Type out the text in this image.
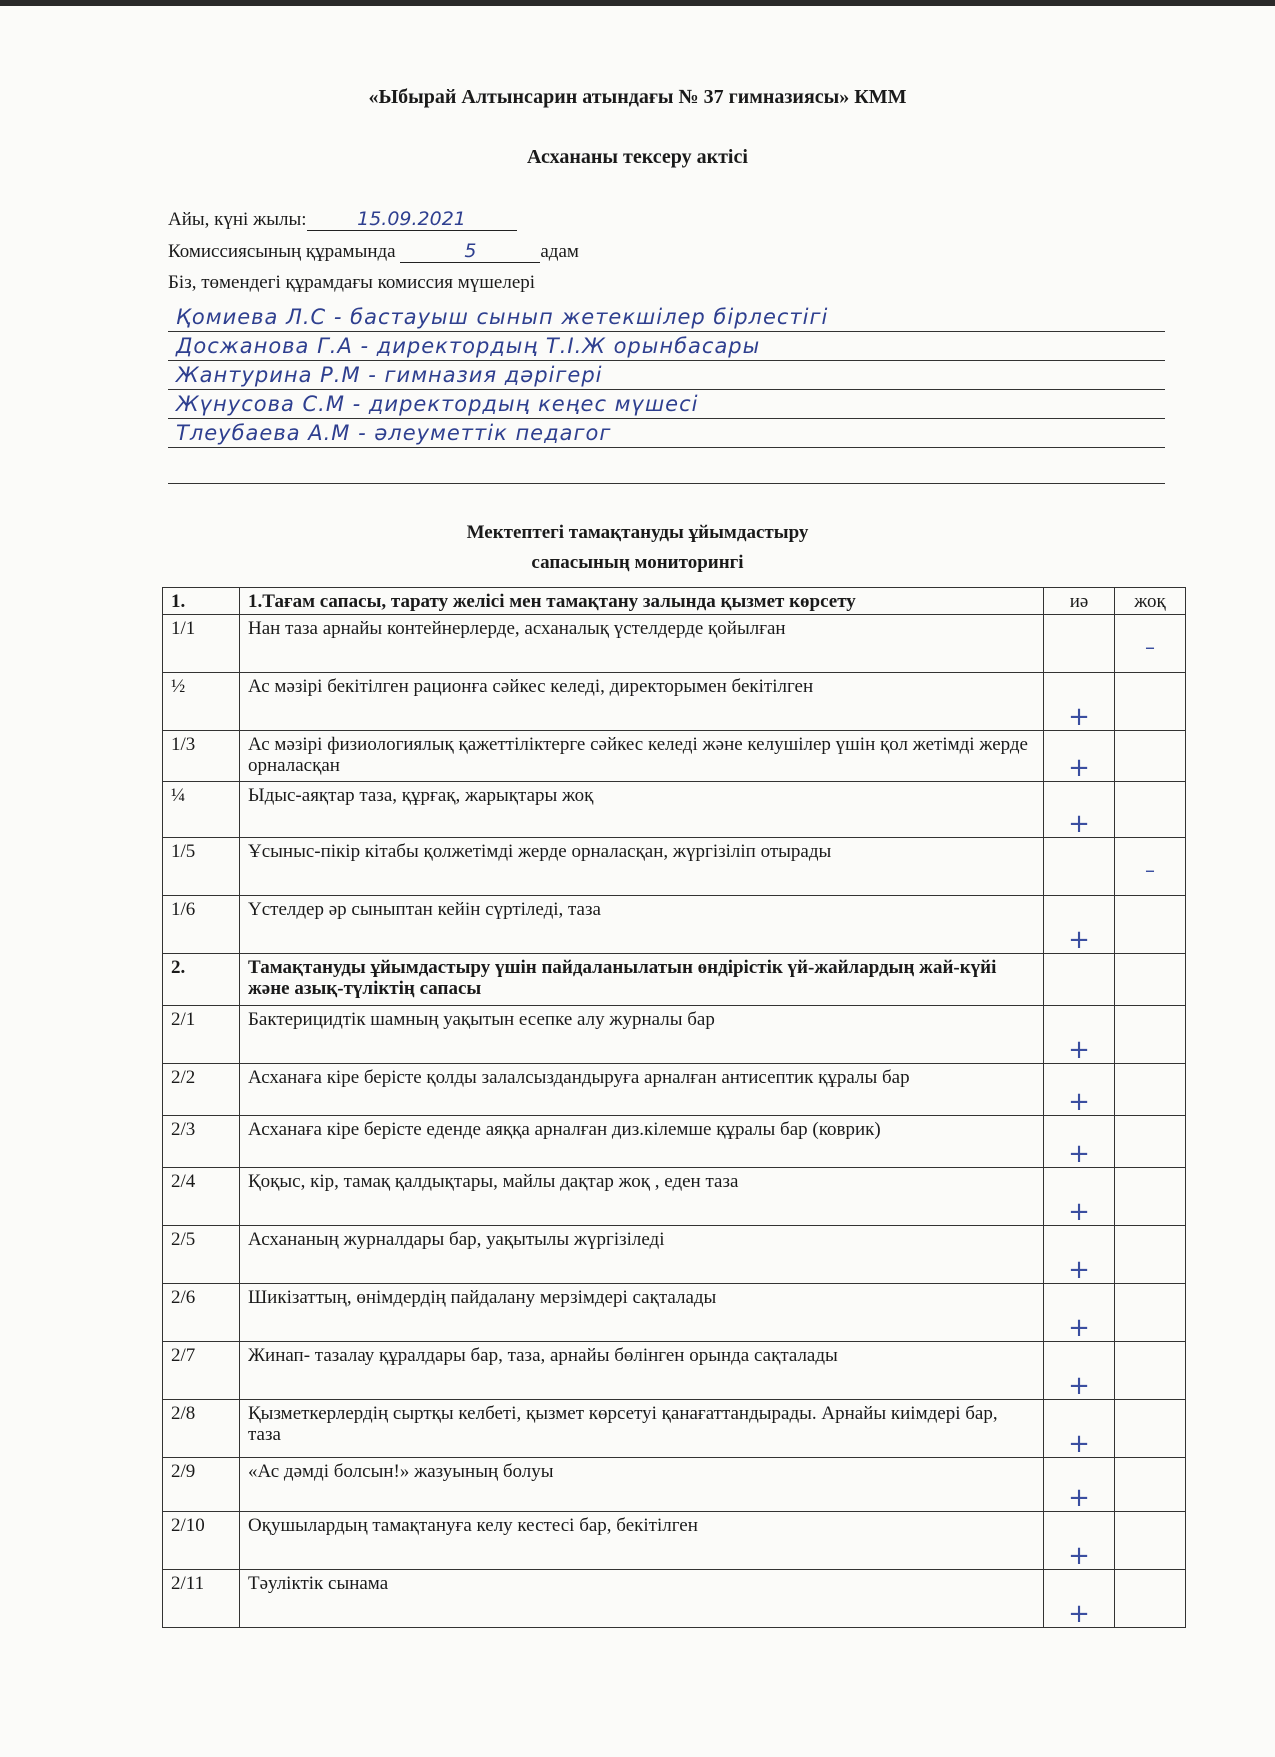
«Ыбырай Алтынсарин атындағы № 37 гимназиясы» КММ
Асхананы тексеру актісі
Айы, күні жылы:	15.09.2021
Комиссиясының құрамында	5	адам
Біз, төмендегі құрамдағы комиссия мүшелері
Қомиева Л.С - бастауыш сынып жетекшілер бірлестігі
Досжанова Г.А - директордың Т.І.Ж орынбасары
Жантурина Р.М - гимназия дәрігері
Жүнусова С.М - директордың кеңес мүшесі
Тлеубаева А.М - әлеуметтік педагог
Мектептегі тамақтануды ұйымдастыру
сапасының мониторингі
1.	1.Тағам сапасы, тарату желісі мен тамақтану залында қызмет көрсету	иә	жоқ
1/1	Нан таза арнайы контейнерлерде, асханалық үстелдерде қойылған		–

½	Ас мәзірі бекітілген рационға сәйкес келеді, директорымен бекітілген	+	

1/3	Ас мәзірі физиологиялық қажеттіліктерге сәйкес келеді және келушілер үшін қол жетімді жерде орналасқан	+	

¼	Ыдыс-аяқтар таза, құрғақ, жарықтары жоқ	+	

1/5	Ұсыныс-пікір кітабы қолжетімді жерде орналасқан, жүргізіліп отырады		–

1/6	Үстелдер әр сыныптан кейін сүртіледі, таза	+	

2.	Тамақтануды ұйымдастыру үшін пайдаланылатын өндірістік үй-жайлардың жай-күйі және азық-түліктің сапасы		
2/1	Бактерицидтік шамның уақытын есепке алу журналы бар	+	

2/2	Асханаға кіре берісте қолды залалсыздандыруға арналған антисептик құралы бар	+	

2/3	Асханаға кіре берісте еденде аяққа арналған диз.кілемше құралы бар (коврик)	+	

2/4	Қоқыс, кір, тамақ қалдықтары, майлы дақтар жоқ , еден таза	+	

2/5	Асхананың журналдары бар, уақытылы жүргізіледі	+	

2/6	Шикізаттың, өнімдердің пайдалану мерзімдері сақталады	+	

2/7	Жинап- тазалау құралдары бар, таза, арнайы бөлінген орында сақталады	+	

2/8	Қызметкерлердің сыртқы келбеті, қызмет көрсетуі қанағаттандырады. Арнайы киімдері бар, таза	+	

2/9	«Ас дәмді болсын!» жазуының болуы	+	

2/10	Оқушылардың тамақтануға келу кестесі бар, бекітілген	+	

2/11	Тәуліктік сынама	+	
